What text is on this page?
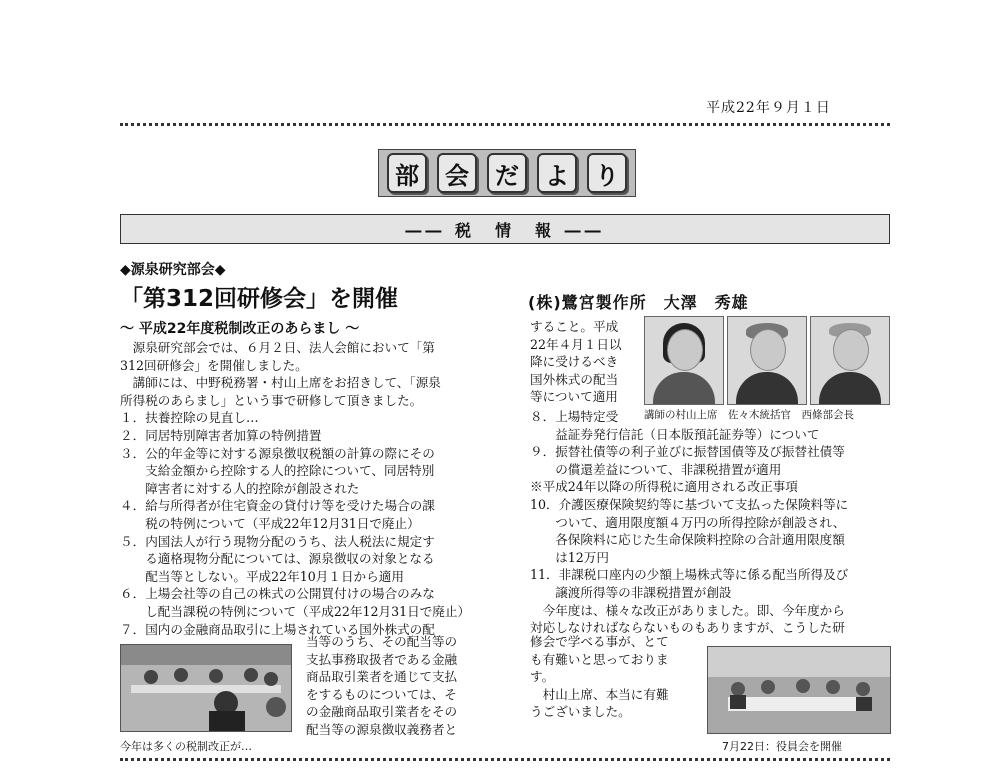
平成22年９月１日
部	会	だ	よ	り
―― 税　情　報 ――
◆源泉研究部会◆
「第312回研修会」を開催
～ 平成22年度税制改正のあらまし ～
(株)鷺宮製作所　大澤　秀雄
　源泉研究部会では、６月２日、法人会館において「第
312回研修会」を開催しました。
　講師には、中野税務署・村山上席をお招きして、「源泉
所得税のあらまし」という事で研修して頂きました。
１．扶養控除の見直し…
２．同居特別障害者加算の特例措置
３．公的年金等に対する源泉徴収税額の計算の際にその
　　支給金額から控除する人的控除について、同居特別
　　障害者に対する人的控除が創設された
４．給与所得者が住宅資金の貸付け等を受けた場合の課
　　税の特例について（平成22年12月31日で廃止）
５．内国法人が行う現物分配のうち、法人税法に規定す
　　る適格現物分配については、源泉徴収の対象となる
　　配当等としない。平成22年10月１日から適用
６．上場会社等の自己の株式の公開買付けの場合のみな
　　し配当課税の特例について（平成22年12月31日で廃止）
７．国内の金融商品取引に上場されている国外株式の配
今年は多くの税制改正が…
当等のうち、その配当等の
支払事務取扱者である金融
商品取引業者を通じて支払
をするものについては、そ
の金融商品取引業者をその
配当等の源泉徴収義務者と
すること。平成
22年４月１日以
降に受けるべき
国外株式の配当
等について適用
講師の村山上席　佐々木統括官　西條部会長
８．上場特定受
　　益証券発行信託（日本版預託証券等）について
９．振替社債等の利子並びに振替国債等及び振替社債等
　　の償還差益について、非課税措置が適用
※平成24年以降の所得税に適用される改正事項
10．介護医療保険契約等に基づいて支払った保険料等に
　　ついて、適用限度額４万円の所得控除が創設され、
　　各保険料に応じた生命保険料控除の合計適用限度額
　　は12万円
11．非課税口座内の少額上場株式等に係る配当所得及び
　　譲渡所得等の非課税措置が創設
　今年度は、様々な改正がありました。即、今年度から
対応しなければならないものもありますが、こうした研
修会で学べる事が、とて
も有難いと思っておりま
す。
　村山上席、本当に有難
うございました。
7月22日：役員会を開催
